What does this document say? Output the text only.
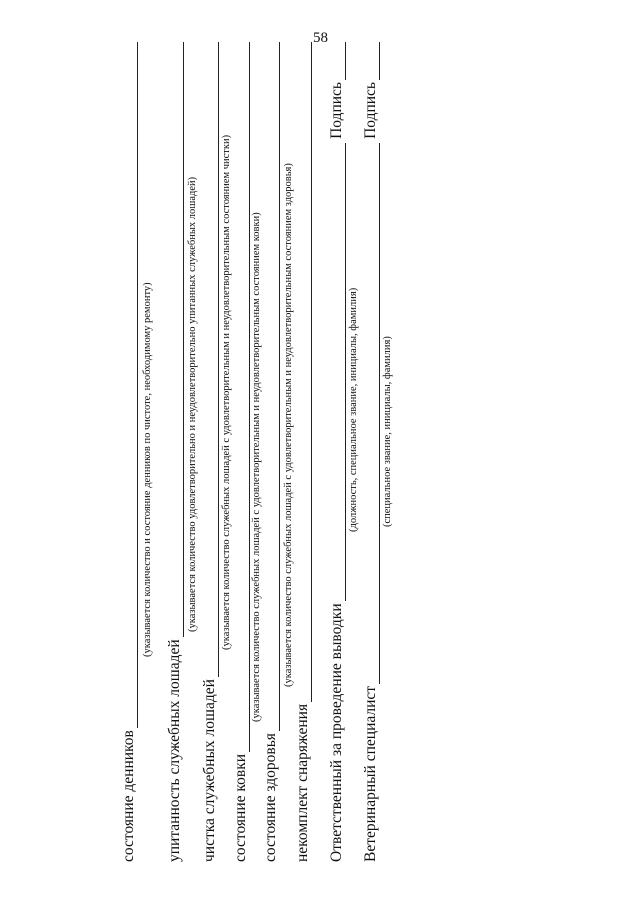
58
состояние денников
(указывается количество и состояние денников по чистоте, необходимому ремонту)
упитанность служебных лошадей
(указывается количество удовлетворительно и неудовлетворительно упитанных служебных лошадей)
чистка служебных лошадей
(указывается количество служебных лошадей с удовлетворительным и неудовлетворительным состоянием чистки)
состояние ковки
(указывается количество служебных лошадей с удовлетворительным и неудовлетворительным состоянием ковки)
состояние здоровья
(указывается количество служебных лошадей с удовлетворительным и неудовлетворительным состоянием здоровья)
некомплект снаряжения Ответственный за проведение выводки
Подпись
(должность, специальное звание, инициалы, фамилия)
Ветеринарный специалист
Подпись
(специальное звание, инициалы, фамилия)
